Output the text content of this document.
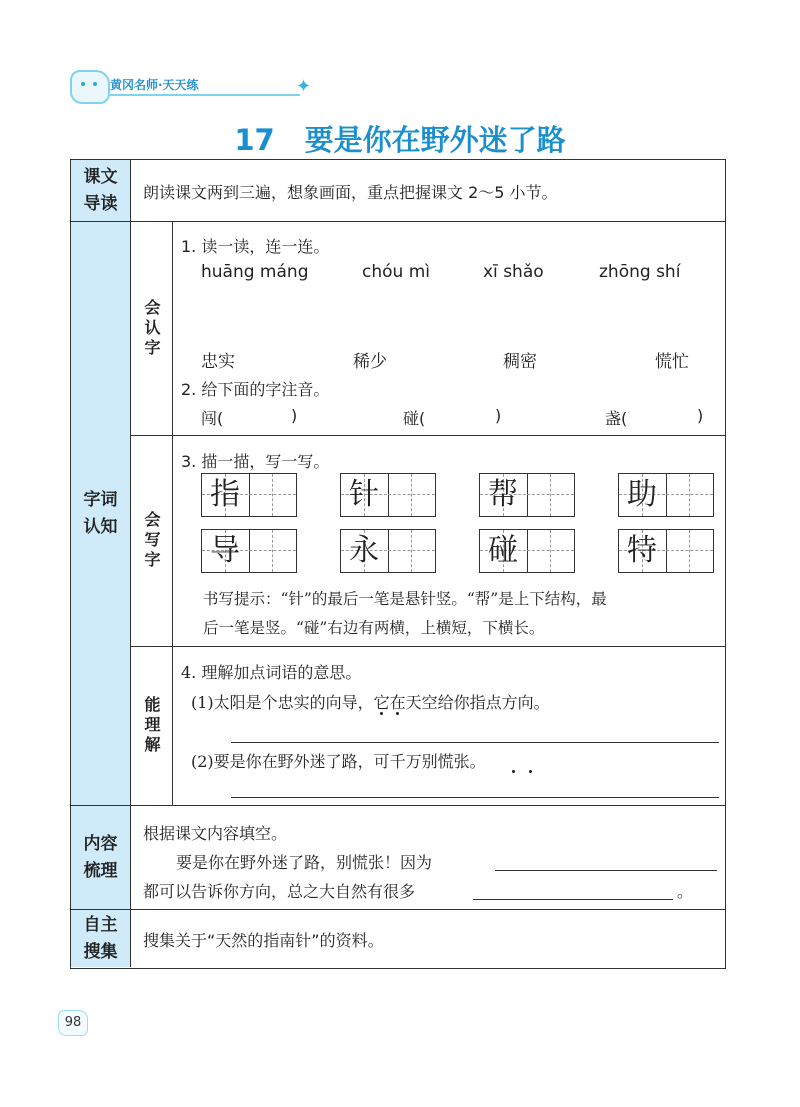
黄冈名师·天天练	✦
17 要是你在野外迷了路
课文
导读
朗读课文两到三遍，想象画面，重点把握课文 2～5 小节。
字词
认知
会认字
1. 读一读，连一连。
huāng máng	chóu mì	xī shǎo	zhōng shí
忠实	稀少	稠密	慌忙
2. 给下面的字注音。
闯(	)	碰(	)	盏(	)
会写字
3. 描一描，写一写。
指	针	帮	助
导	永	碰	特
书写提示：“针”的最后一笔是悬针竖。“帮”是上下结构，最
后一笔是竖。“碰”右边有两横，上横短，下横长。
能理解
4. 理解加点词语的意思。
(1)太阳是个忠实的向导，它在天空给你指点方向。
(2)要是你在野外迷了路，可千万别慌张。
内容
梳理
根据课文内容填空。
要是你在野外迷了路，别慌张！因为
都可以告诉你方向，总之大自然有很多	。
自主
搜集
搜集关于“天然的指南针”的资料。
98
